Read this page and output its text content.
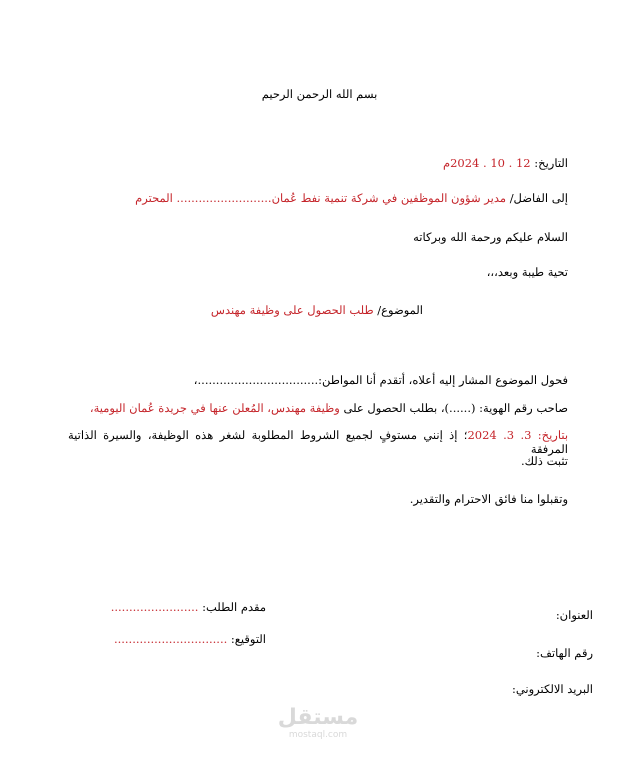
بسم الله الرحمن الرحيم
التاريخ: 12 . 10 . 2024م
إلى الفاضل/ مدير شؤون الموظفين في شركة تنمية نفط عُمان.......................... المحترم
السلام عليكم ورحمة الله وبركاته
تحية طيبة وبعد،،،
الموضوع/ طلب الحصول على وظيفة مهندس
فحول الموضوع المشار إليه أعلاه، أتقدم أنا المواطن:.................................،
صاحب رقم الهوية: (......)، بطلب الحصول على وظيفة مهندس، المُعلن عنها في جريدة عُمان اليومية،
بتاريخ: 3. 3. 2024؛ إذ إنني مستوفٍ لجميع الشروط المطلوبة لشغر هذه الوظيفة، والسيرة الذاتية المرفقة
تثبت ذلك.
وتقبلوا منا فائق الاحترام والتقدير.
مقدم الطلب: ........................
التوقيع: ...............................
العنوان:
رقم الهاتف:
البريد الالكتروني:
مستقل
mostaql.com
